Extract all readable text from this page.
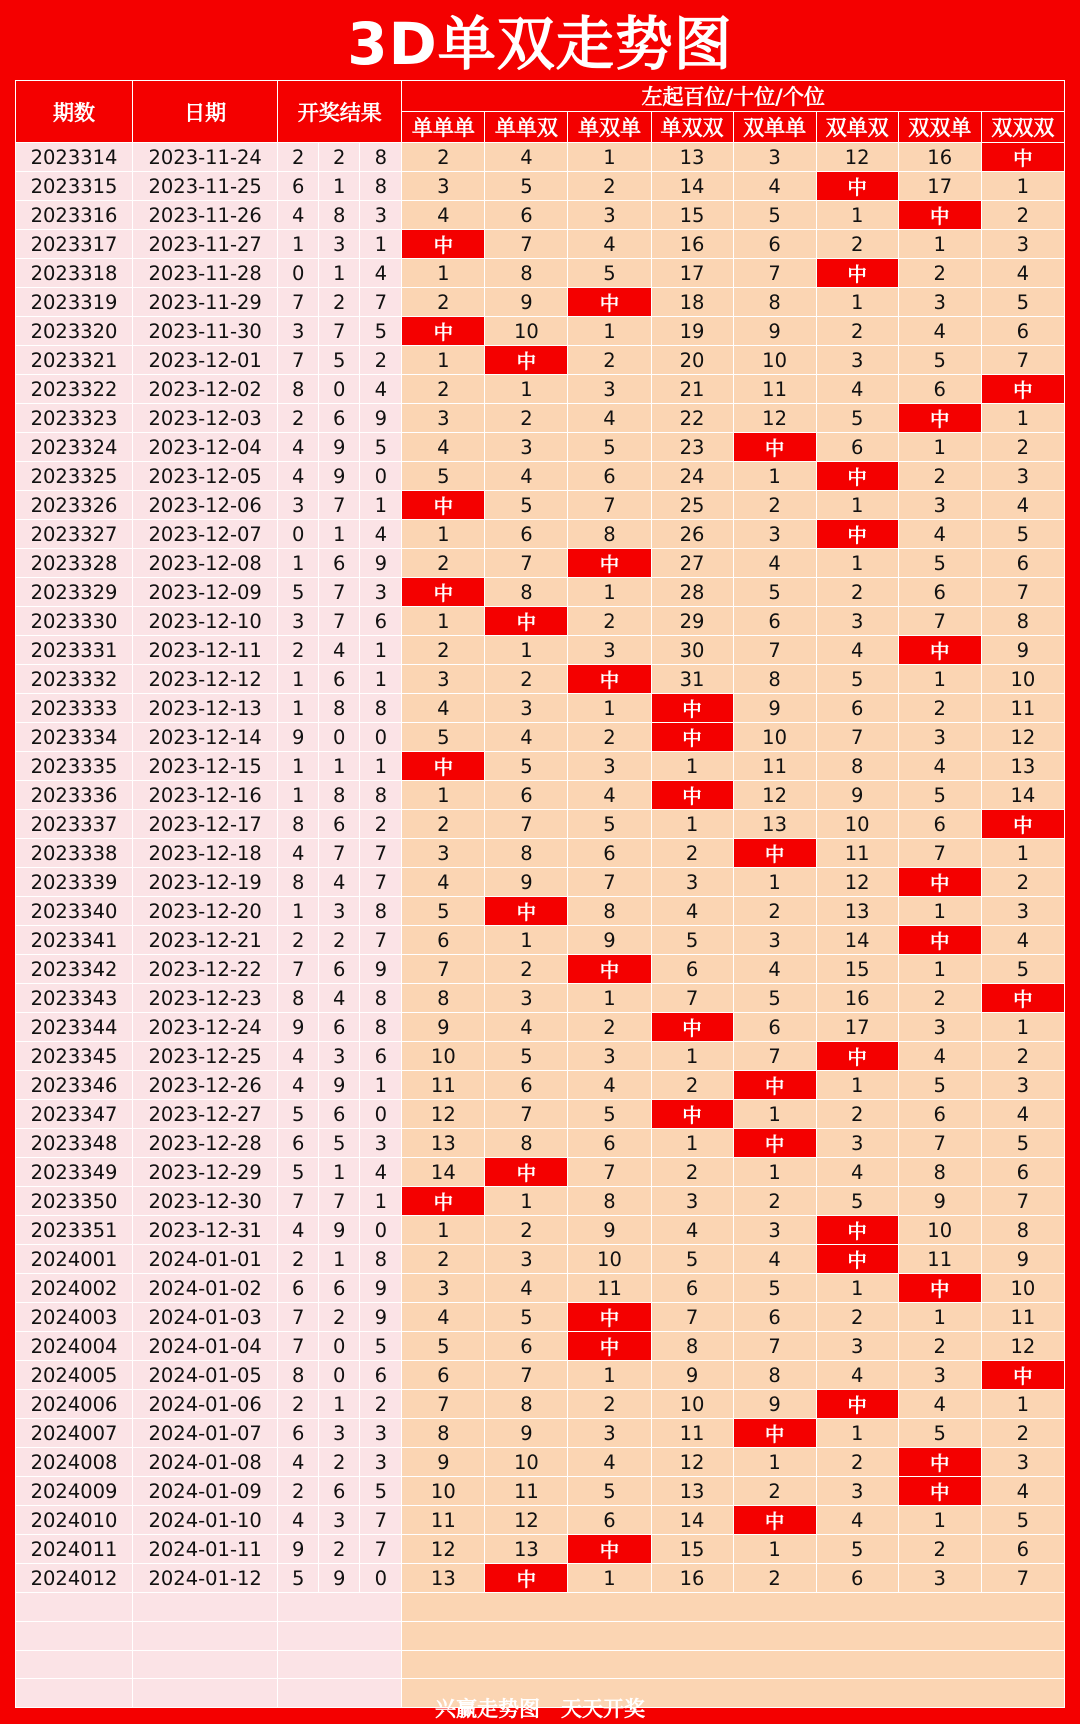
3D单双走势图
期数	日期	开奖结果			左起百位/十位/个位							
					单单单	单单双	单双单	单双双	双单单	双单双	双双单	双双双
2023314	2023-11-24	2	2	8	2	4	1	13	3	12	16	中
2023315	2023-11-25	6	1	8	3	5	2	14	4	中	17	1
2023316	2023-11-26	4	8	3	4	6	3	15	5	1	中	2
2023317	2023-11-27	1	3	1	中	7	4	16	6	2	1	3
2023318	2023-11-28	0	1	4	1	8	5	17	7	中	2	4
2023319	2023-11-29	7	2	7	2	9	中	18	8	1	3	5
2023320	2023-11-30	3	7	5	中	10	1	19	9	2	4	6
2023321	2023-12-01	7	5	2	1	中	2	20	10	3	5	7
2023322	2023-12-02	8	0	4	2	1	3	21	11	4	6	中
2023323	2023-12-03	2	6	9	3	2	4	22	12	5	中	1
2023324	2023-12-04	4	9	5	4	3	5	23	中	6	1	2
2023325	2023-12-05	4	9	0	5	4	6	24	1	中	2	3
2023326	2023-12-06	3	7	1	中	5	7	25	2	1	3	4
2023327	2023-12-07	0	1	4	1	6	8	26	3	中	4	5
2023328	2023-12-08	1	6	9	2	7	中	27	4	1	5	6
2023329	2023-12-09	5	7	3	中	8	1	28	5	2	6	7
2023330	2023-12-10	3	7	6	1	中	2	29	6	3	7	8
2023331	2023-12-11	2	4	1	2	1	3	30	7	4	中	9
2023332	2023-12-12	1	6	1	3	2	中	31	8	5	1	10
2023333	2023-12-13	1	8	8	4	3	1	中	9	6	2	11
2023334	2023-12-14	9	0	0	5	4	2	中	10	7	3	12
2023335	2023-12-15	1	1	1	中	5	3	1	11	8	4	13
2023336	2023-12-16	1	8	8	1	6	4	中	12	9	5	14
2023337	2023-12-17	8	6	2	2	7	5	1	13	10	6	中
2023338	2023-12-18	4	7	7	3	8	6	2	中	11	7	1
2023339	2023-12-19	8	4	7	4	9	7	3	1	12	中	2
2023340	2023-12-20	1	3	8	5	中	8	4	2	13	1	3
2023341	2023-12-21	2	2	7	6	1	9	5	3	14	中	4
2023342	2023-12-22	7	6	9	7	2	中	6	4	15	1	5
2023343	2023-12-23	8	4	8	8	3	1	7	5	16	2	中
2023344	2023-12-24	9	6	8	9	4	2	中	6	17	3	1
2023345	2023-12-25	4	3	6	10	5	3	1	7	中	4	2
2023346	2023-12-26	4	9	1	11	6	4	2	中	1	5	3
2023347	2023-12-27	5	6	0	12	7	5	中	1	2	6	4
2023348	2023-12-28	6	5	3	13	8	6	1	中	3	7	5
2023349	2023-12-29	5	1	4	14	中	7	2	1	4	8	6
2023350	2023-12-30	7	7	1	中	1	8	3	2	5	9	7
2023351	2023-12-31	4	9	0	1	2	9	4	3	中	10	8
2024001	2024-01-01	2	1	8	2	3	10	5	4	中	11	9
2024002	2024-01-02	6	6	9	3	4	11	6	5	1	中	10
2024003	2024-01-03	7	2	9	4	5	中	7	6	2	1	11
2024004	2024-01-04	7	0	5	5	6	中	8	7	3	2	12
2024005	2024-01-05	8	0	6	6	7	1	9	8	4	3	中
2024006	2024-01-06	2	1	2	7	8	2	10	9	中	4	1
2024007	2024-01-07	6	3	3	8	9	3	11	中	1	5	2
2024008	2024-01-08	4	2	3	9	10	4	12	1	2	中	3
2024009	2024-01-09	2	6	5	10	11	5	13	2	3	中	4
2024010	2024-01-10	4	3	7	11	12	6	14	中	4	1	5
2024011	2024-01-11	9	2	7	12	13	中	15	1	5	2	6
2024012	2024-01-12	5	9	0	13	中	1	16	2	6	3	7

兴赢走势图　天天开奖
